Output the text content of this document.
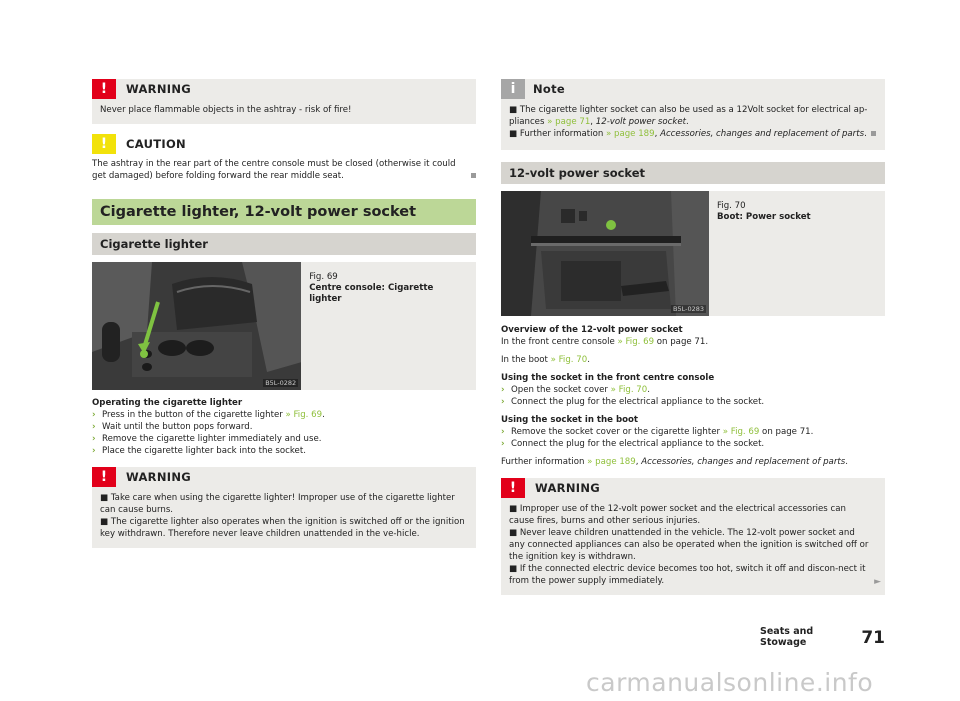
!	WARNING
Never place flammable objects in the ashtray - risk of fire!
!	CAUTION
The ashtray in the rear part of the centre console must be closed (otherwise it could get damaged) before folding forward the rear middle seat.
Cigarette lighter, 12-volt power socket
Cigarette lighter
B5L-0282
Fig. 69
Centre console: Cigarette lighter
Operating the cigarette lighter
› Press in the button of the cigarette lighter » Fig. 69.
› Wait until the button pops forward.
› Remove the cigarette lighter immediately and use.
› Place the cigarette lighter back into the socket.
!	WARNING
■ Take care when using the cigarette lighter! Improper use of the cigarette lighter can cause burns.
■ The cigarette lighter also operates when the ignition is switched off or the ignition key withdrawn. Therefore never leave children unattended in the ve-hicle.
i	Note
■ The cigarette lighter socket can also be used as a 12Volt socket for electrical ap-pliances » page 71, 12-volt power socket.
■ Further information » page 189, Accessories, changes and replacement of parts.
12-volt power socket
B5L-0283
Fig. 70
Boot: Power socket
Overview of the 12-volt power socket
In the front centre console » Fig. 69 on page 71.
In the boot » Fig. 70.
Using the socket in the front centre console
› Open the socket cover » Fig. 70.
› Connect the plug for the electrical appliance to the socket.
Using the socket in the boot
› Remove the socket cover or the cigarette lighter » Fig. 69 on page 71.
› Connect the plug for the electrical appliance to the socket.
Further information » page 189, Accessories, changes and replacement of parts.
!	WARNING
■ Improper use of the 12-volt power socket and the electrical accessories can cause fires, burns and other serious injuries.
■ Never leave children unattended in the vehicle. The 12-volt power socket and any connected appliances can also be operated when the ignition is switched off or the ignition key is withdrawn.
■ If the connected electric device becomes too hot, switch it off and discon-nect it from the power supply immediately.	►
Seats and Stowage	71
carmanualsonline.info
